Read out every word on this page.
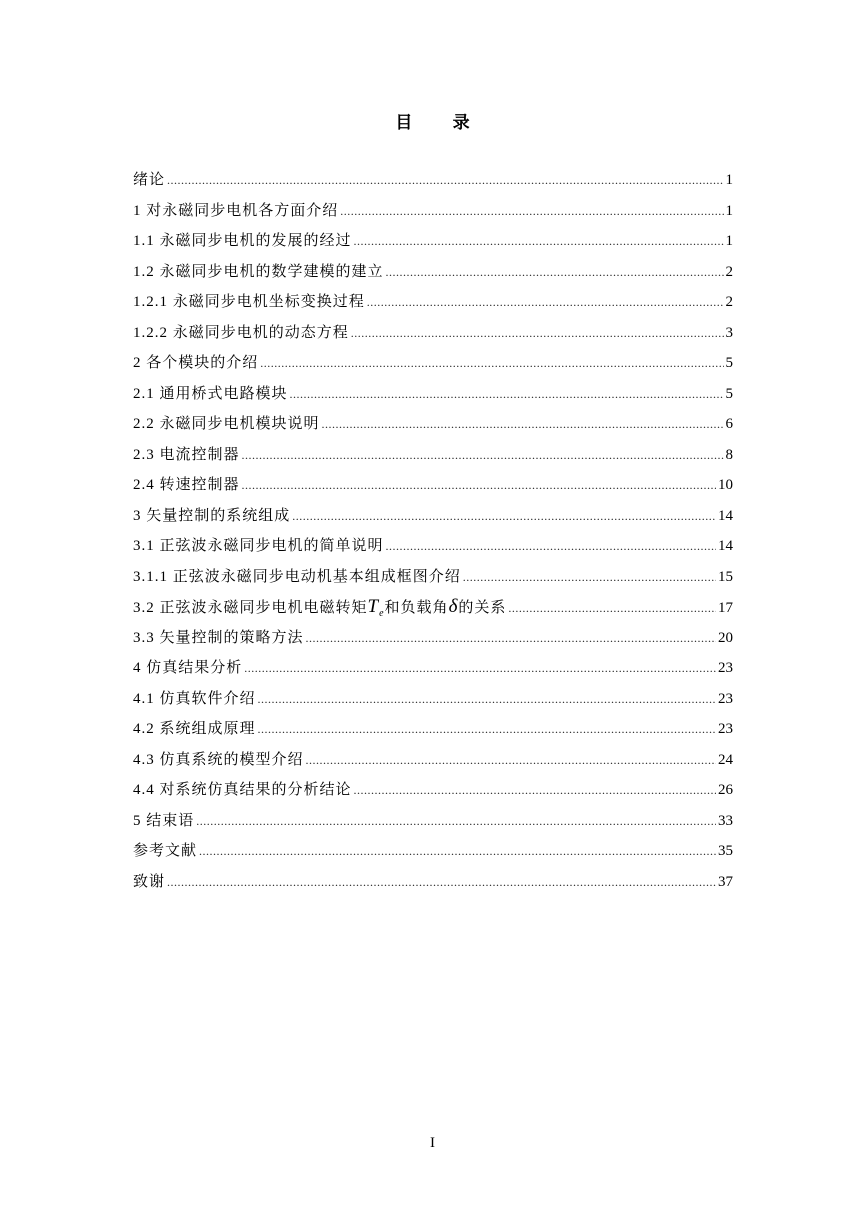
目 录
绪论 .....	1
1 对永磁同步电机各方面介绍 .....	1
1.1 永磁同步电机的发展的经过 .....	1
1.2 永磁同步电机的数学建模的建立 .....	2
1.2.1 永磁同步电机坐标变换过程 .....	2
1.2.2 永磁同步电机的动态方程 .....	3
2 各个模块的介绍 .....	5
2.1 通用桥式电路模块 .....	5
2.2 永磁同步电机模块说明 .....	6
2.3 电流控制器 .....	8
2.4 转速控制器 .....	10
3 矢量控制的系统组成 .....	14
3.1 正弦波永磁同步电机的简单说明 .....	14
3.1.1 正弦波永磁同步电动机基本组成框图介绍 .....	15
3.2 正弦波永磁同步电机电磁转矩$T_e$和负载角δ的关系 .....	17
3.3 矢量控制的策略方法 .....	20
4 仿真结果分析 .....	23
4.1 仿真软件介绍 .....	23
4.2 系统组成原理 .....	23
4.3 仿真系统的模型介绍 .....	24
4.4 对系统仿真结果的分析结论 .....	26
5 结束语 .....	33
参考文献 .....	35
致谢 .....	37
I
